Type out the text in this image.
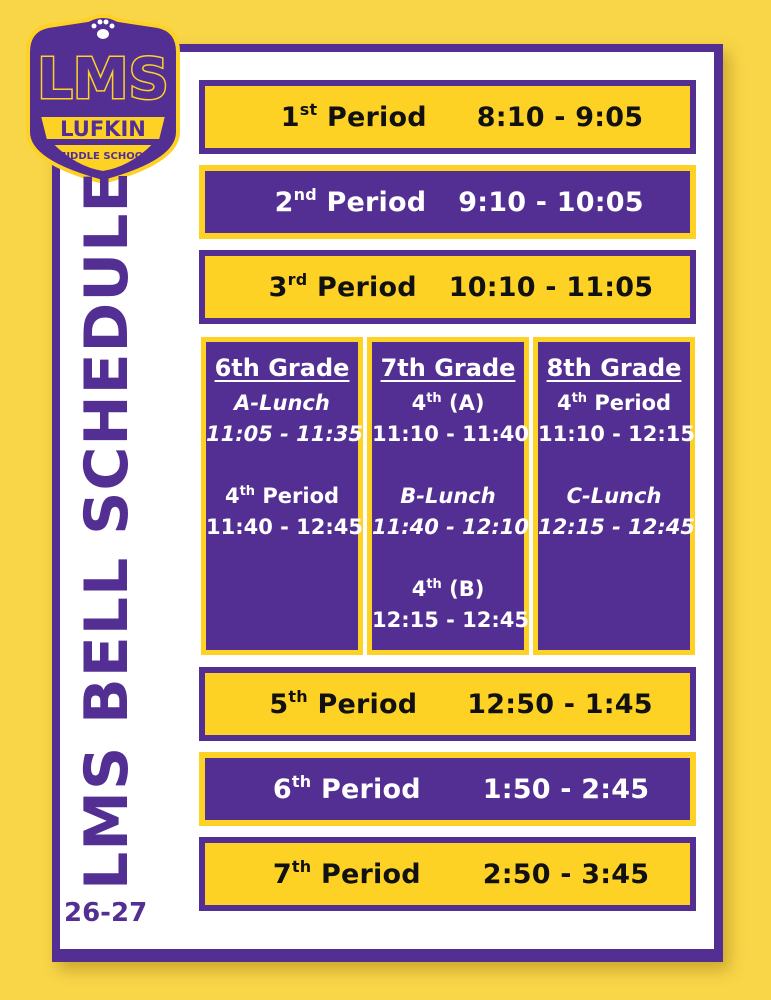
LMS
LUFKIN
MIDDLE SCHOOL
LMS BELL SCHEDULE
26-27
1st Period 8:10 - 9:05
2nd Period 9:10 - 10:05
3rd Period 10:10 - 11:05
6th Grade
A-Lunch
11:05 - 11:35
4th Period
11:40 - 12:45
7th Grade
4th (A)
11:10 - 11:40
B-Lunch
11:40 - 12:10
4th (B)
12:15 - 12:45
8th Grade
4th Period
11:10 - 12:15
C-Lunch
12:15 - 12:45
5th Period 12:50 - 1:45
6th Period 1:50 - 2:45
7th Period 2:50 - 3:45
